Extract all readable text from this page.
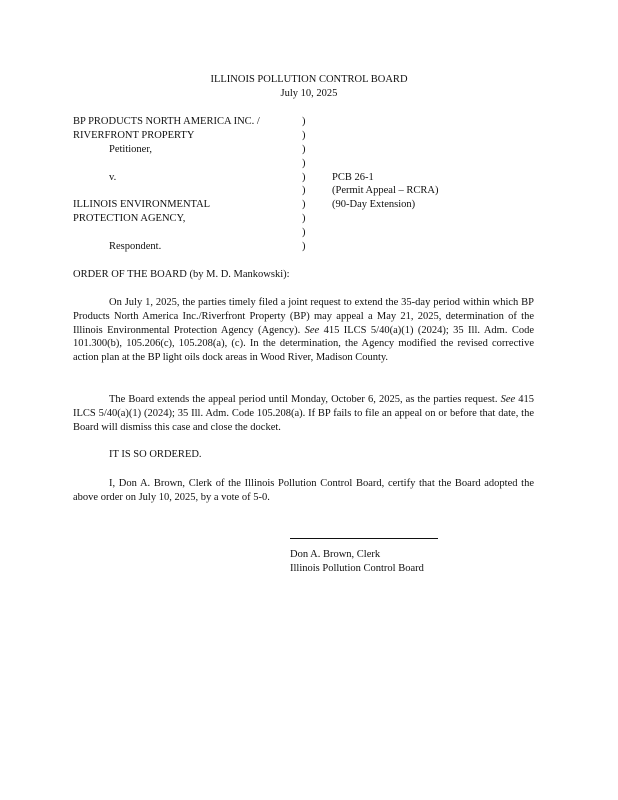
ILLINOIS POLLUTION CONTROL BOARD
July 10, 2025
BP PRODUCTS NORTH AMERICA INC. /
RIVERFRONT PROPERTY
Petitioner,
v.
ILLINOIS ENVIRONMENTAL
PROTECTION AGENCY,
Respondent.
)
)
)
)
)
)
)
)
)
)
PCB 26-1
(Permit Appeal – RCRA)
(90-Day Extension)
ORDER OF THE BOARD (by M. D. Mankowski):
On July 1, 2025, the parties timely filed a joint request to extend the 35-day period within which BP Products North America Inc./Riverfront Property (BP) may appeal a May 21, 2025, determination of the Illinois Environmental Protection Agency (Agency). See 415 ILCS 5/40(a)(1) (2024); 35 Ill. Adm. Code 101.300(b), 105.206(c), 105.208(a), (c). In the determination, the Agency modified the revised corrective action plan at the BP light oils dock areas in Wood River, Madison County.
The Board extends the appeal period until Monday, October 6, 2025, as the parties request. See 415 ILCS 5/40(a)(1) (2024); 35 Ill. Adm. Code 105.208(a). If BP fails to file an appeal on or before that date, the Board will dismiss this case and close the docket.
IT IS SO ORDERED.
I, Don A. Brown, Clerk of the Illinois Pollution Control Board, certify that the Board adopted the above order on July 10, 2025, by a vote of 5-0.
Don A. Brown, Clerk
Illinois Pollution Control Board
